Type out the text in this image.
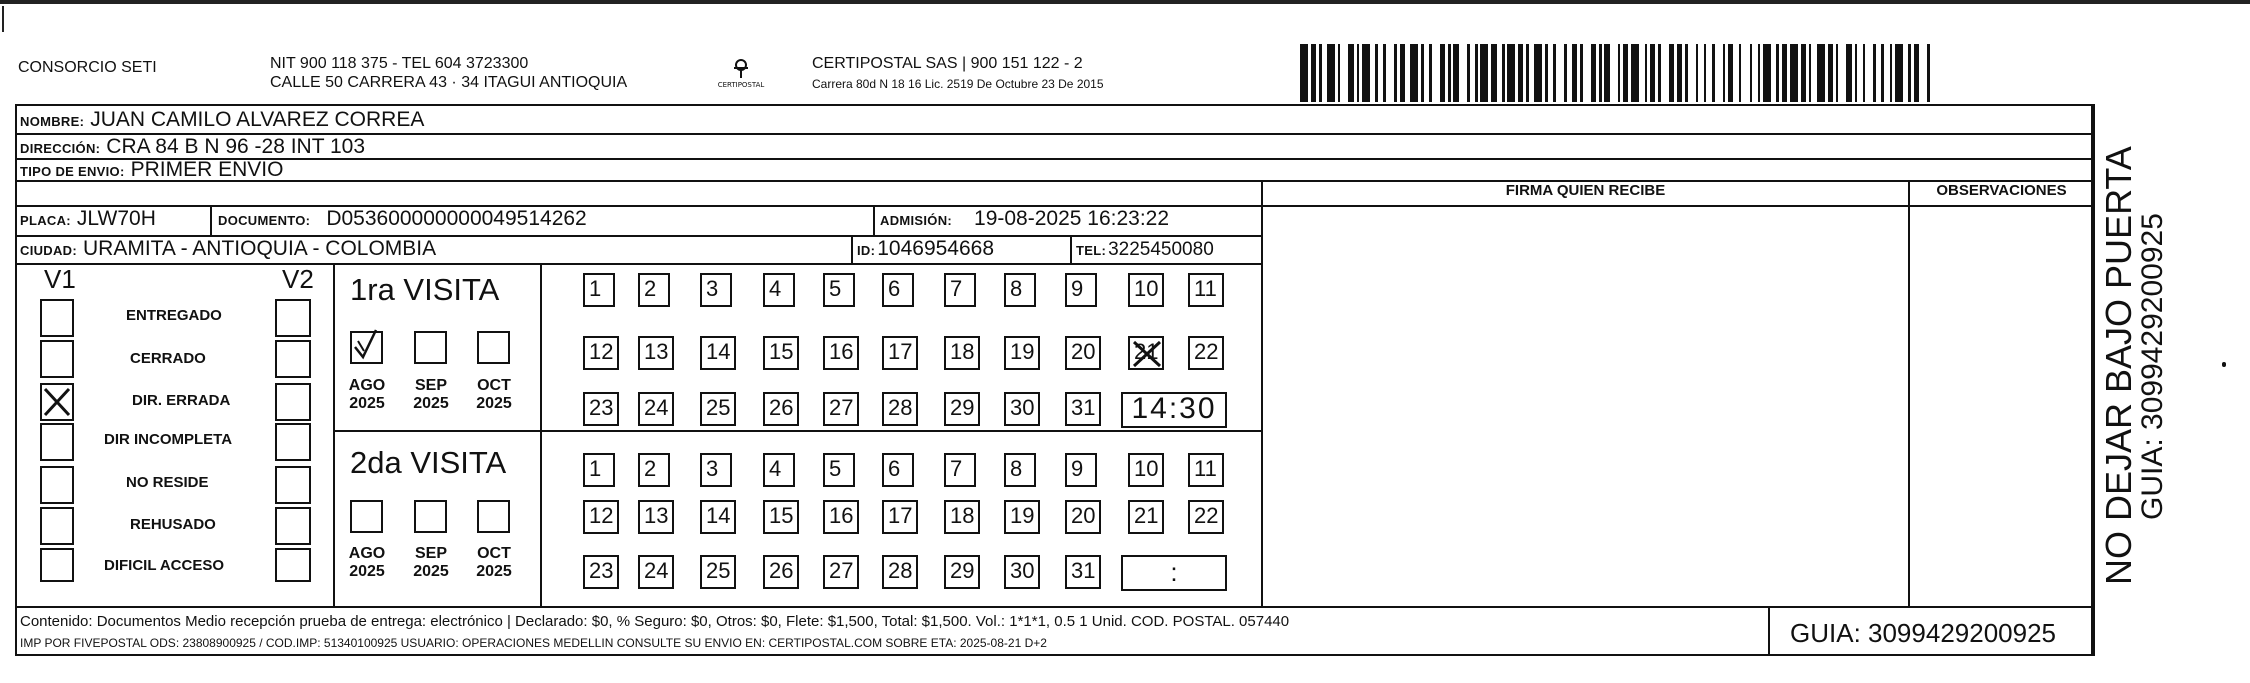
CONSORCIO SETI	NIT 900 118 375 - TEL 604 3723300
CALLE 50 CARRERA 43 · 34 ITAGUI ANTIOQUIA	CERTIPOSTAL
CERTIPOSTAL SAS | 900 151 122 - 2
Carrera 80d N 18 16 Lic. 2519 De Octubre 23 De 2015
NOMBRE: JUAN CAMILO ALVAREZ CORREA
DIRECCIÓN: CRA 84 B N 96 -28 INT 103
TIPO DE ENVIO: PRIMER ENVIO
FIRMA QUIEN RECIBE	OBSERVACIONES
PLACA: JLW70H	DOCUMENTO: D053600000000049514262	ADMISIÓN: 19-08-2025 16:23:22
CIUDAD: URAMITA - ANTIOQUIA - COLOMBIA	ID: 1046954668	TEL: 3225450080
V1	V2
ENTREGADO
CERRADO
DIR. ERRADA
DIR INCOMPLETA
NO RESIDE
REHUSADO
DIFICIL ACCESO
1ra VISITA
2da VISITA
AGO
2025
SEP
2025
OCT
2025
AGO
2025
SEP
2025
OCT
2025
1	2	3	4	5	6	7	8	9	10 11
12 13 14 15 16 17 18 19 20 21 22
23 24 25 26 27 28 29 30 31	14:30
1	2	3	4	5	6	7	8	9	10 11
12 13 14 15 16 17 18 19 20 21 22
23 24 25 26 27 28 29 30 31	:
Contenido: Documentos Medio recepción prueba de entrega: electrónico | Declarado: $0, % Seguro: $0, Otros: $0, Flete: $1,500, Total: $1,500. Vol.: 1*1*1, 0.5 1 Unid. COD. POSTAL. 057440
IMP POR FIVEPOSTAL ODS: 23808900925 / COD.IMP: 51340100925 USUARIO: OPERACIONES MEDELLIN CONSULTE SU ENVIO EN: CERTIPOSTAL.COM SOBRE ETA: 2025-08-21 D+2	GUIA: 3099429200925
NO DEJAR BAJO PUERTA
GUIA: 3099429200925
